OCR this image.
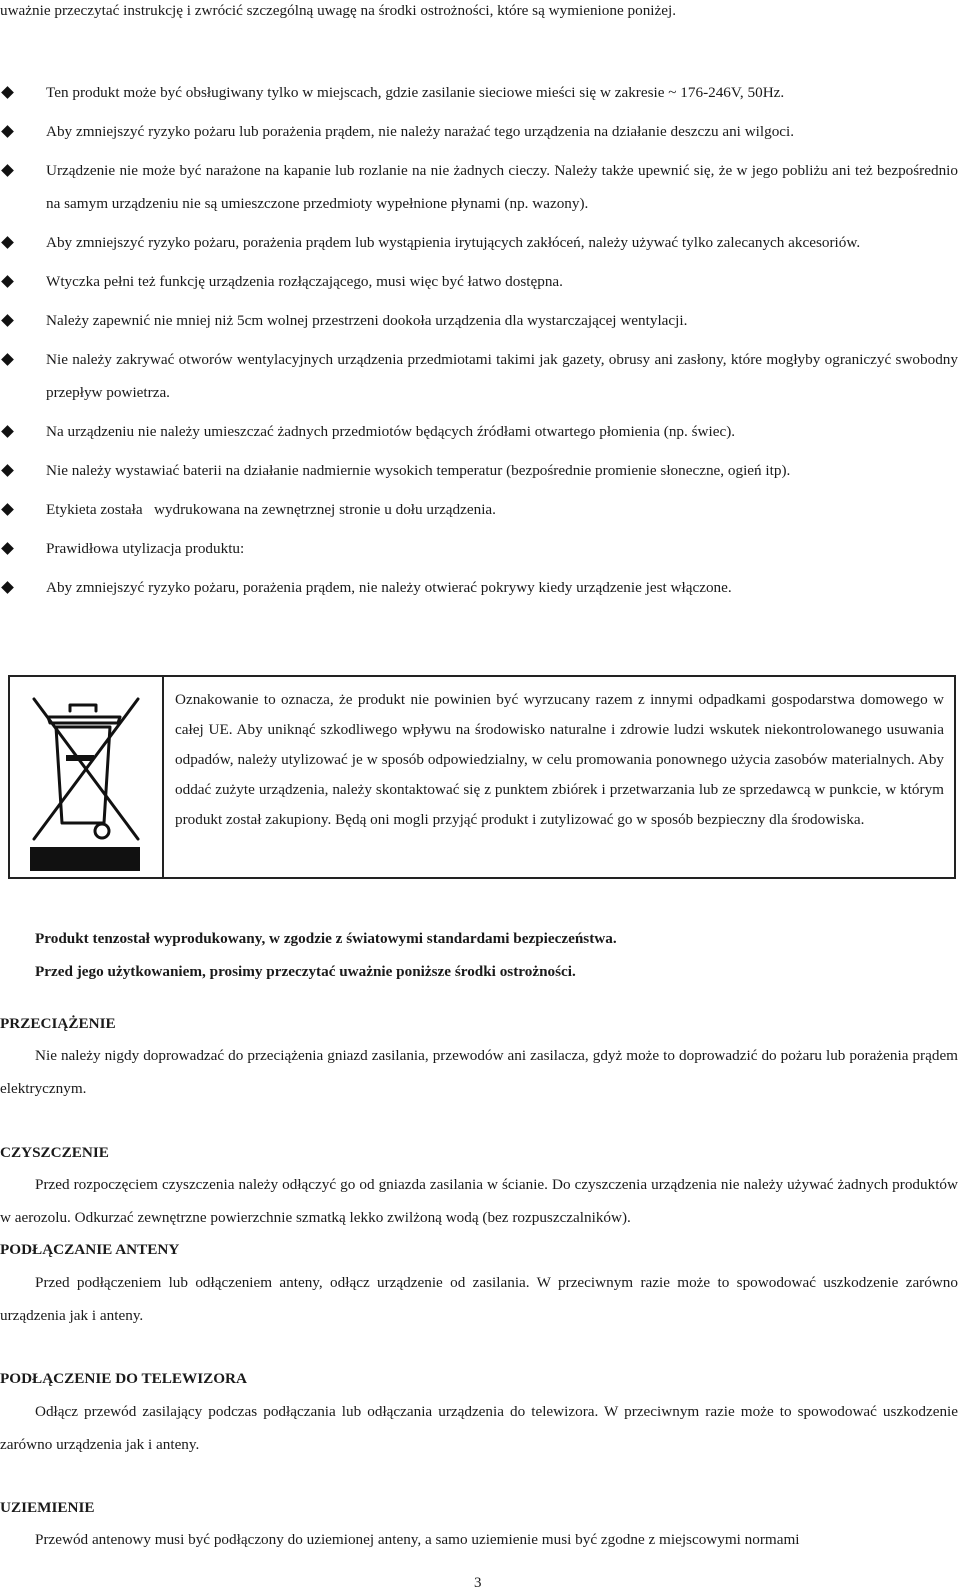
uważnie przeczytać instrukcję i zwrócić szczególną uwagę na środki ostrożności, które są wymienione poniżej.
Ten produkt może być obsługiwany tylko w miejscach, gdzie zasilanie sieciowe mieści się w zakresie ~ 176-246V, 50Hz.
Aby zmniejszyć ryzyko pożaru lub porażenia prądem, nie należy narażać tego urządzenia na działanie deszczu ani wilgoci.
Urządzenie nie może być narażone na kapanie lub rozlanie na nie żadnych cieczy. Należy także upewnić się, że w jego pobliżu ani też bezpośrednio na samym urządzeniu nie są umieszczone przedmioty wypełnione płynami (np. wazony).
Aby zmniejszyć ryzyko pożaru, porażenia prądem lub wystąpienia irytujących zakłóceń, należy używać tylko zalecanych akcesoriów.
Wtyczka pełni też funkcję urządzenia rozłączającego, musi więc być łatwo dostępna.
Należy zapewnić nie mniej niż 5cm wolnej przestrzeni dookoła urządzenia dla wystarczającej wentylacji.
Nie należy zakrywać otworów wentylacyjnych urządzenia przedmiotami takimi jak gazety, obrusy ani zasłony, które mogłyby ograniczyć swobodny przepływ powietrza.
Na urządzeniu nie należy umieszczać żadnych przedmiotów będących źródłami otwartego płomienia (np. świec).
Nie należy wystawiać baterii na działanie nadmiernie wysokich temperatur (bezpośrednie promienie słoneczne, ogień itp).
Etykieta została   wydrukowana na zewnętrznej stronie u dołu urządzenia.
Prawidłowa utylizacja produktu:
Aby zmniejszyć ryzyko pożaru, porażenia prądem, nie należy otwierać pokrywy kiedy urządzenie jest włączone.
Oznakowanie to oznacza, że produkt nie powinien być wyrzucany razem z innymi odpadkami gospodarstwa domowego w całej UE. Aby uniknąć szkodliwego wpływu na środowisko naturalne i zdrowie ludzi wskutek niekontrolowanego usuwania odpadów, należy utylizować je w sposób odpowiedzialny, w celu promowania ponownego użycia zasobów materialnych. Aby oddać zużyte urządzenia, należy skontaktować się z punktem zbiórek i przetwarzania lub ze sprzedawcą w punkcie, w którym produkt został zakupiony. Będą oni mogli przyjąć produkt i zutylizować go w sposób bezpieczny dla środowiska.
Produkt tenzostał wyprodukowany, w zgodzie z światowymi standardami bezpieczeństwa.
Przed jego użytkowaniem, prosimy przeczytać uważnie poniższe środki ostrożności.
PRZECIĄŻENIE
Nie należy nigdy doprowadzać do przeciążenia gniazd zasilania, przewodów ani zasilacza, gdyż może to doprowadzić do pożaru lub porażenia prądem elektrycznym.
CZYSZCZENIE
Przed rozpoczęciem czyszczenia należy odłączyć go od gniazda zasilania w ścianie. Do czyszczenia urządzenia nie należy używać żadnych produktów w aerozolu. Odkurzać zewnętrzne powierzchnie szmatką lekko zwilżoną wodą (bez rozpuszczalników).
PODŁĄCZANIE ANTENY
Przed podłączeniem lub odłączeniem anteny, odłącz urządzenie od zasilania. W przeciwnym razie może to spowodować uszkodzenie zarówno urządzenia jak i anteny.
PODŁĄCZENIE DO TELEWIZORA
Odłącz przewód zasilający podczas podłączania lub odłączania urządzenia do telewizora. W przeciwnym razie może to spowodować uszkodzenie zarówno urządzenia jak i anteny.
UZIEMIENIE
Przewód antenowy musi być podłączony do uziemionej anteny, a samo uziemienie musi być zgodne z miejscowymi normami
3
